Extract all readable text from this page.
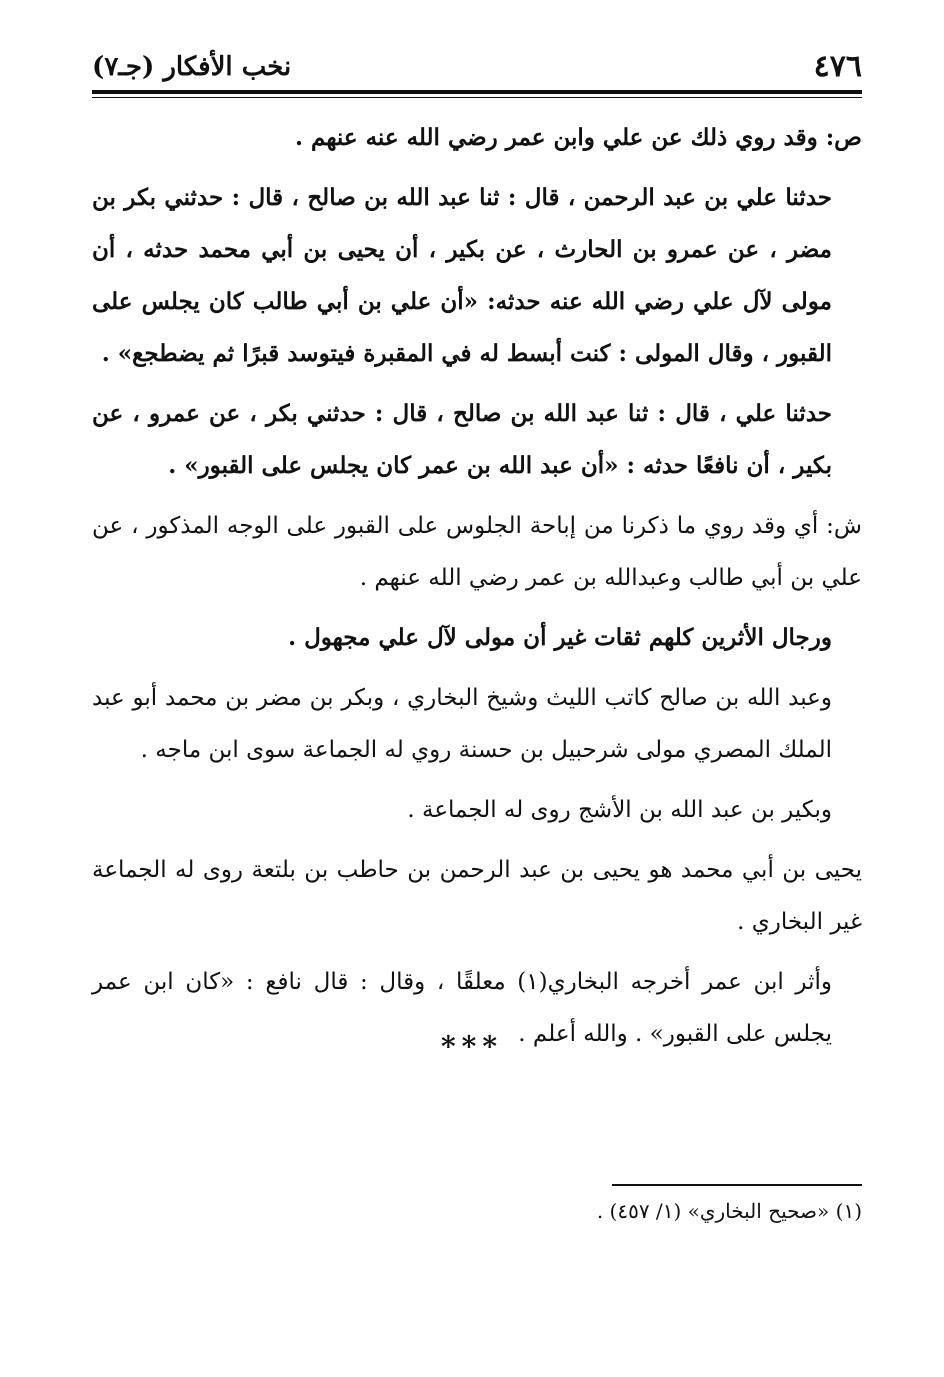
٤٧٦
نخب الأفكار (جـ٧)

ص: وقد روي ذلك عن علي وابن عمر رضي الله عنه عنهم .

حدثنا علي بن عبد الرحمن ، قال : ثنا عبد الله بن صالح ، قال : حدثني بكر بن مضر ، عن عمرو بن الحارث ، عن بكير ، أن يحيى بن أبي محمد حدثه ، أن مولى لآل علي رضي الله عنه حدثه: «أن علي بن أبي طالب كان يجلس على القبور ، وقال المولى : كنت أبسط له في المقبرة فيتوسد قبرًا ثم يضطجع» .

حدثنا علي ، قال : ثنا عبد الله بن صالح ، قال : حدثني بكر ، عن عمرو ، عن بكير ، أن نافعًا حدثه : «أن عبد الله بن عمر كان يجلس على القبور» .

ش: أي وقد روي ما ذكرنا من إباحة الجلوس على القبور على الوجه المذكور ، عن علي بن أبي طالب وعبدالله بن عمر رضي الله عنهم .

ورجال الأثرين كلهم ثقات غير أن مولى لآل علي مجهول .

وعبد الله بن صالح كاتب الليث وشيخ البخاري ، وبكر بن مضر بن محمد أبو عبد الملك المصري مولى شرحبيل بن حسنة روي له الجماعة سوى ابن ماجه .

وبكير بن عبد الله بن الأشج روى له الجماعة .

يحيى بن أبي محمد هو يحيى بن عبد الرحمن بن حاطب بن بلتعة روى له الجماعة غير البخاري .

وأثر ابن عمر أخرجه البخاري(١) معلقًا ، وقال : قال نافع : «كان ابن عمر يجلس على القبور» . والله أعلم .

***
(١) «صحيح البخاري» (١/ ٤٥٧) .
